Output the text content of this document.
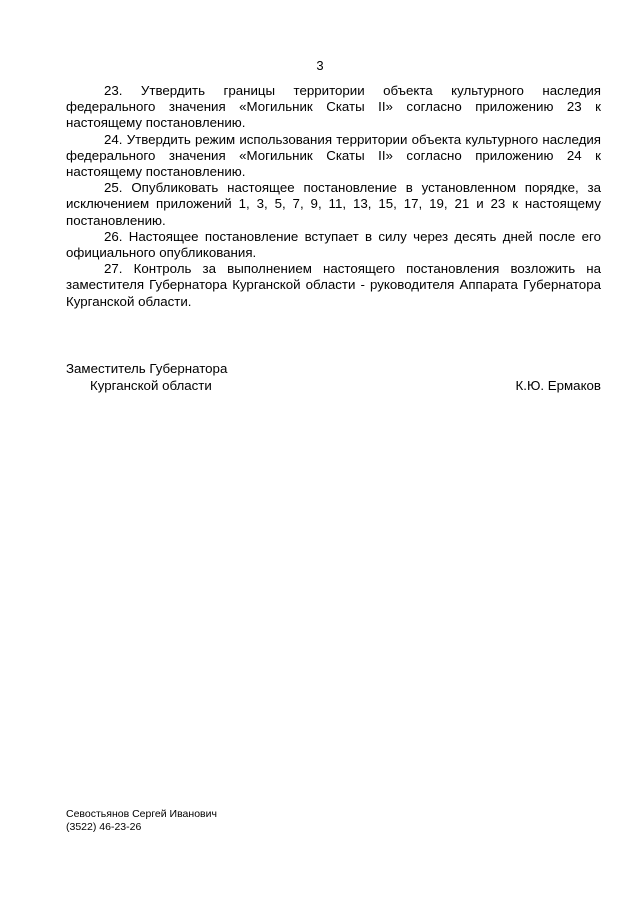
3

23. Утвердить границы территории объекта культурного наследия федерального значения «Могильник Скаты II» согласно приложению 23 к настоящему постановлению.

24. Утвердить режим использования территории объекта культурного наследия федерального значения «Могильник Скаты II» согласно приложению 24 к настоящему постановлению.

25. Опубликовать настоящее постановление в установленном порядке, за исключением приложений 1, 3, 5, 7, 9, 11, 13, 15, 17, 19, 21 и 23 к настоящему постановлению.

26. Настоящее постановление вступает в силу через десять дней после его официального опубликования.

27. Контроль за выполнением настоящего постановления возложить на заместителя Губернатора Курганской области - руководителя Аппарата Губернатора Курганской области.

Заместитель Губернатора
Курганской области	К.Ю. Ермаков
Севостьянов Сергей Иванович
(3522) 46-23-26
